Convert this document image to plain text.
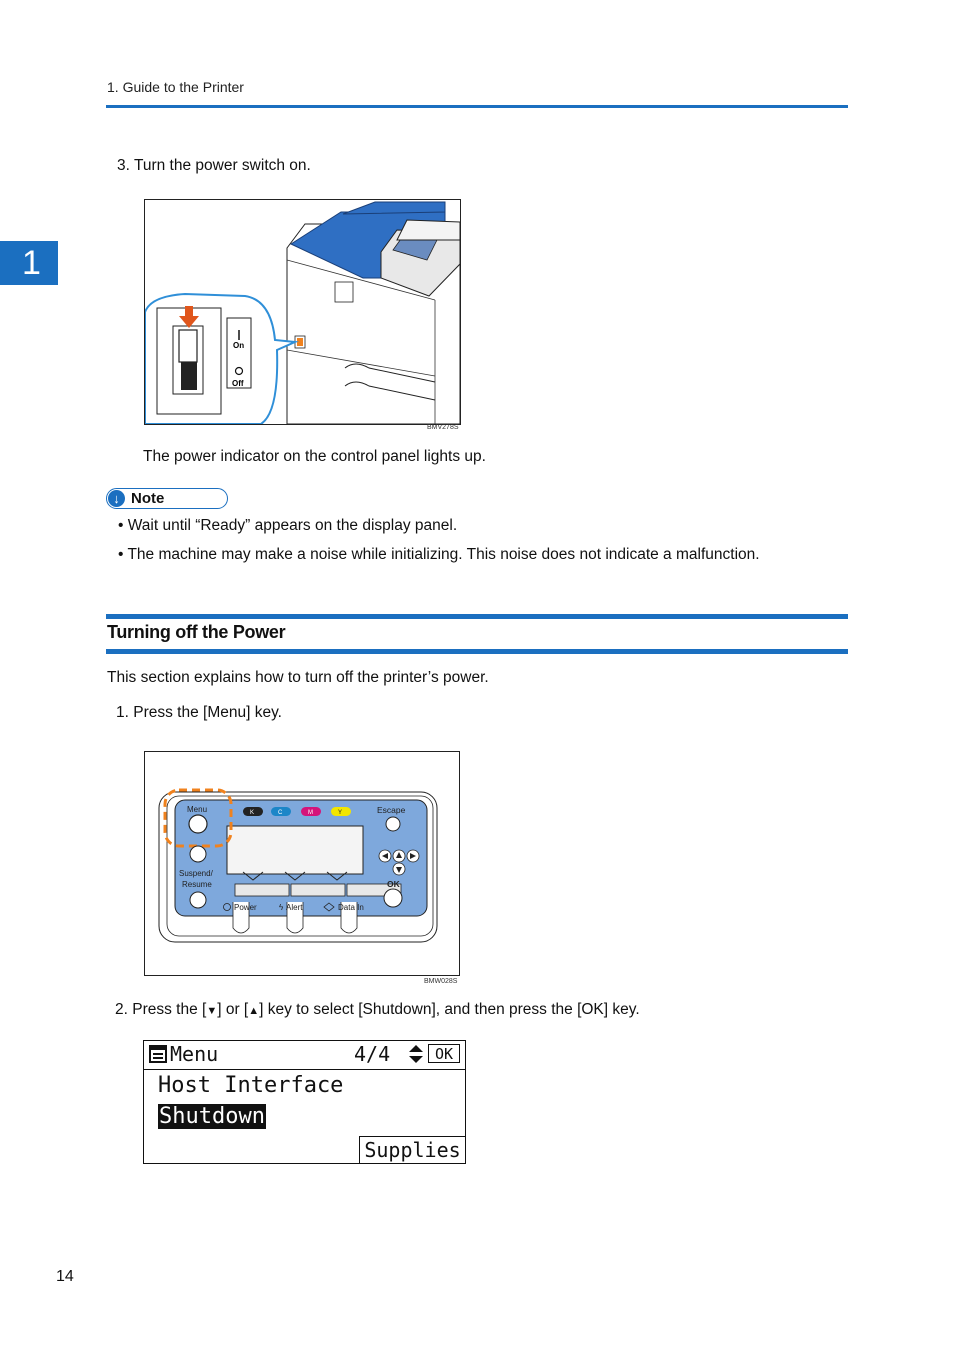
1. Guide to the Printer
1
3. Turn the power switch on.
On
Off
BMV278S
The power indicator on the control panel lights up.
↓ Note
• Wait until “Ready” appears on the display panel.
• The machine may make a noise while initializing. This noise does not indicate a malfunction.
Turning off the Power
This section explains how to turn off the printer’s power.
1. Press the [Menu] key.
K	C	M	Y
Menu
Suspend/
Resume
Escape
OK
Power	ϟ Alert	Data In
BMW028S
2. Press the [▼] or [▲] key to select [Shutdown], and then press the [OK] key.
Menu	4/4	OK
Host Interface
Shutdown
Supplies
14
